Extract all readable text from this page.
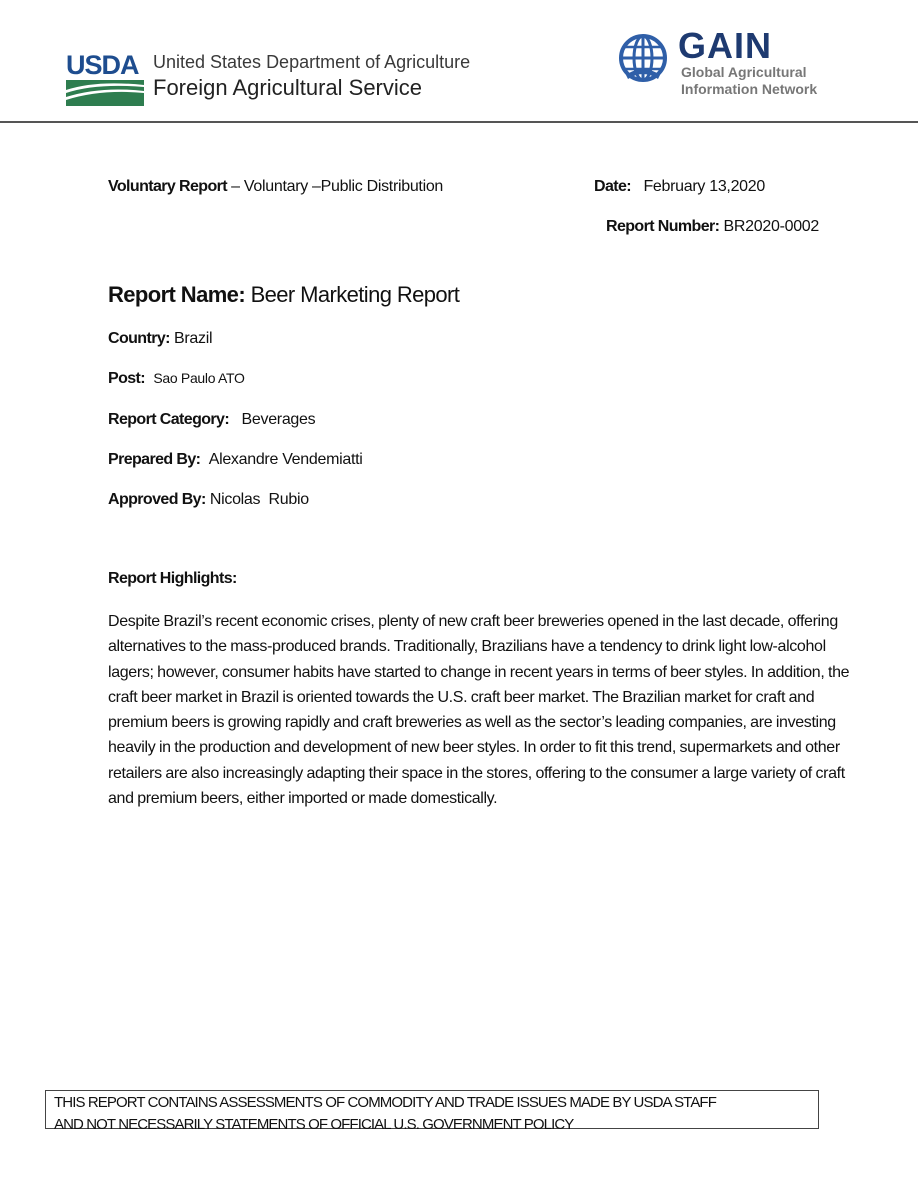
USDA United States Department of Agriculture
Foreign Agricultural Service
GAIN
Global Agricultural
Information Network
Voluntary Report – Voluntary –Public Distribution	Date: February 13,2020
Report Number: BR2020-0002
Report Name: Beer Marketing Report
Country: Brazil
Post: Sao Paulo ATO
Report Category: Beverages
Prepared By: Alexandre Vendemiatti
Approved By: Nicolas  Rubio
Report Highlights:
Despite Brazil’s recent economic crises, plenty of new craft beer breweries opened in the last decade, offering alternatives to the mass-produced brands. Traditionally, Brazilians have a tendency to drink light low-alcohol lagers; however, consumer habits have started to change in recent years in terms of beer styles. In addition, the craft beer market in Brazil is oriented towards the U.S. craft beer market. The Brazilian market for craft and premium beers is growing rapidly and craft breweries as well as the sector’s leading companies, are investing heavily in the production and development of new beer styles. In order to fit this trend, supermarkets and other retailers are also increasingly adapting their space in the stores, offering to the consumer a large variety of craft and premium beers, either imported or made domestically.
THIS REPORT CONTAINS ASSESSMENTS OF COMMODITY AND TRADE ISSUES MADE BY USDA STAFF
AND NOT NECESSARILY STATEMENTS OF OFFICIAL U.S. GOVERNMENT POLICY
